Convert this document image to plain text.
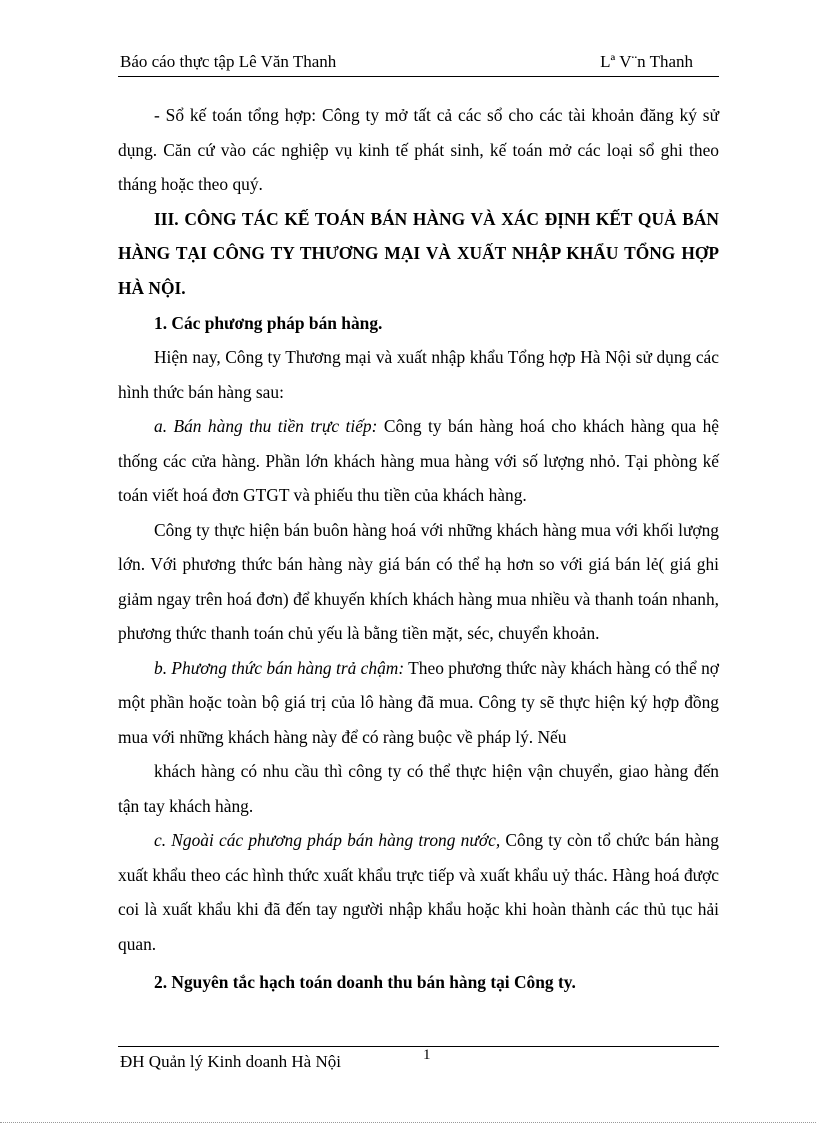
Báo cáo thực tập Lê Văn Thanh	Lª V¨n Thanh

- Sổ kế toán tổng hợp: Công ty mở tất cả các sổ cho các tài khoản đăng ký sử dụng. Căn cứ vào các nghiệp vụ kinh tế phát sinh, kế toán mở các loại sổ ghi theo tháng hoặc theo quý.

III. CÔNG TÁC KẾ TOÁN BÁN HÀNG VÀ XÁC ĐỊNH KẾT QUẢ BÁN HÀNG TẠI CÔNG TY THƯƠNG MẠI VÀ XUẤT NHẬP KHẨU TỔNG HỢP HÀ NỘI.

1. Các phương pháp bán hàng.

Hiện nay, Công ty Thương mại và xuất nhập khẩu Tổng hợp Hà Nội sử dụng các hình thức bán hàng sau:

a. Bán hàng thu tiền trực tiếp: Công ty bán hàng hoá cho khách hàng qua hệ thống các cửa hàng. Phần lớn khách hàng mua hàng với số lượng nhỏ. Tại phòng kế toán viết hoá đơn GTGT và phiếu thu tiền của khách hàng.

Công ty thực hiện bán buôn hàng hoá với những khách hàng mua với khối lượng lớn. Với phương thức bán hàng này giá bán có thể hạ hơn so với giá bán lẻ( giá ghi giảm ngay trên hoá đơn) để khuyến khích khách hàng mua nhiều và thanh toán nhanh, phương thức thanh toán chủ yếu là bằng tiền mặt, séc, chuyển khoản.

b. Phương thức bán hàng trả chậm: Theo phương thức này khách hàng có thể nợ một phần hoặc toàn bộ giá trị của lô hàng đã mua. Công ty sẽ thực hiện ký hợp đồng mua với những khách hàng này để có ràng buộc về pháp lý. Nếu

khách hàng có nhu cầu thì công ty có thể thực hiện vận chuyển, giao hàng đến tận tay khách hàng.

c. Ngoài các phương pháp bán hàng trong nước, Công ty còn tổ chức bán hàng xuất khẩu theo các hình thức xuất khẩu trực tiếp và xuất khẩu uỷ thác. Hàng hoá được coi là xuất khẩu khi đã đến tay người nhập khẩu hoặc khi hoàn thành các thủ tục hải quan.

2. Nguyên tắc hạch toán doanh thu bán hàng tại Công ty.

ĐH Quản lý Kinh doanh Hà Nội	1
